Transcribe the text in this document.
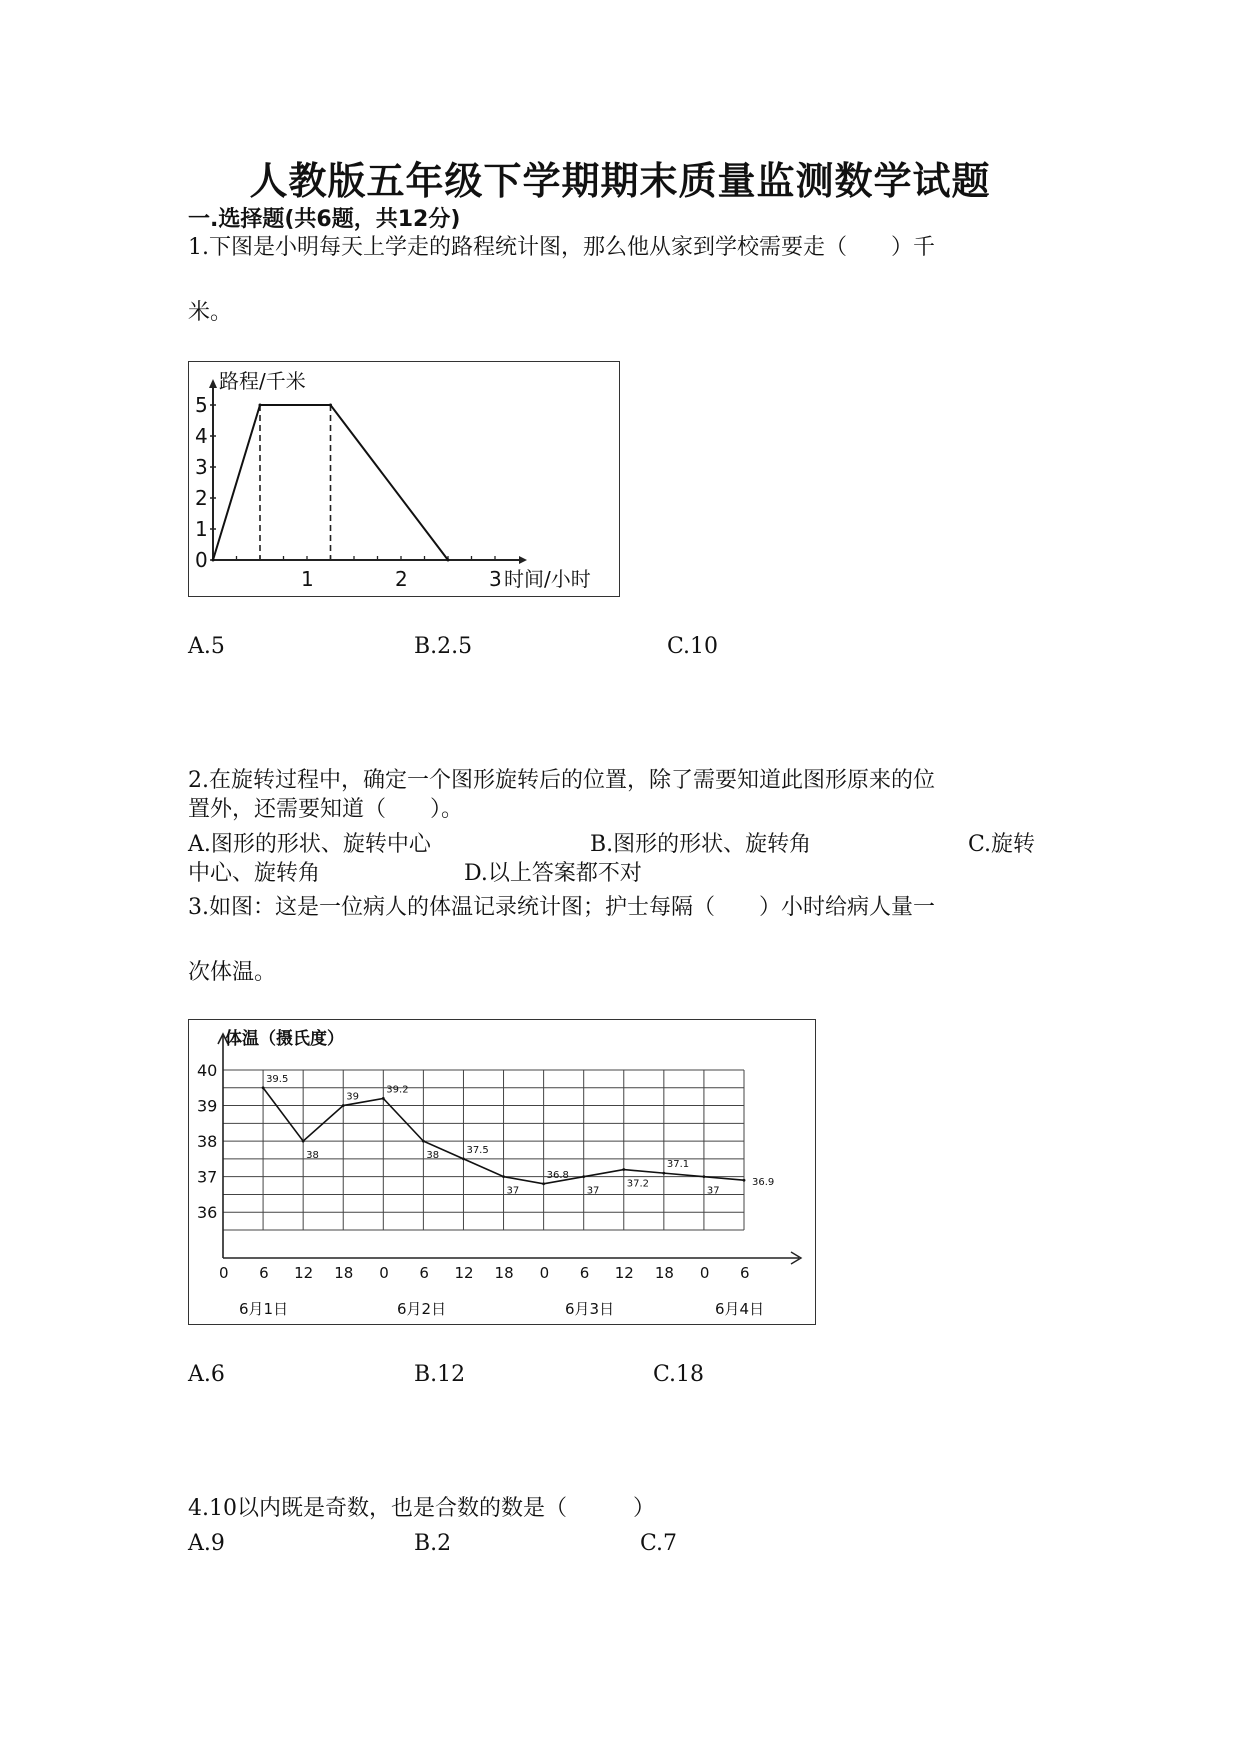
人教版五年级下学期期末质量监测数学试题
一.选择题(共6题，共12分)
1.下图是小明每天上学走的路程统计图，那么他从家到学校需要走（　　）千
米。
0
1
2
3
4
5
1	2	3 时间/小时
路程/千米
A.5	B.2.5	C.10
2.在旋转过程中，确定一个图形旋转后的位置，除了需要知道此图形原来的位
置外，还需要知道（　　）。
A.图形的形状、旋转中心	B.图形的形状、旋转角	C.旋转
中心、旋转角	D.以上答案都不对
3.如图：这是一位病人的体温记录统计图；护士每隔（　　）小时给病人量一
次体温。
体温（摄氏度）
36
37
38
39
40
0 6 12 18 0 6 12 18 0 6 12 18 0 6
6月1日	6月2日	6月3日	6月4日
39.5
38
39
39.2
38	37.5
37
36.8
37
37.2
37.1
37
36.9
A.6	B.12	C.18
4.10以内既是奇数，也是合数的数是（　　　）
A.9	B.2	C.7
